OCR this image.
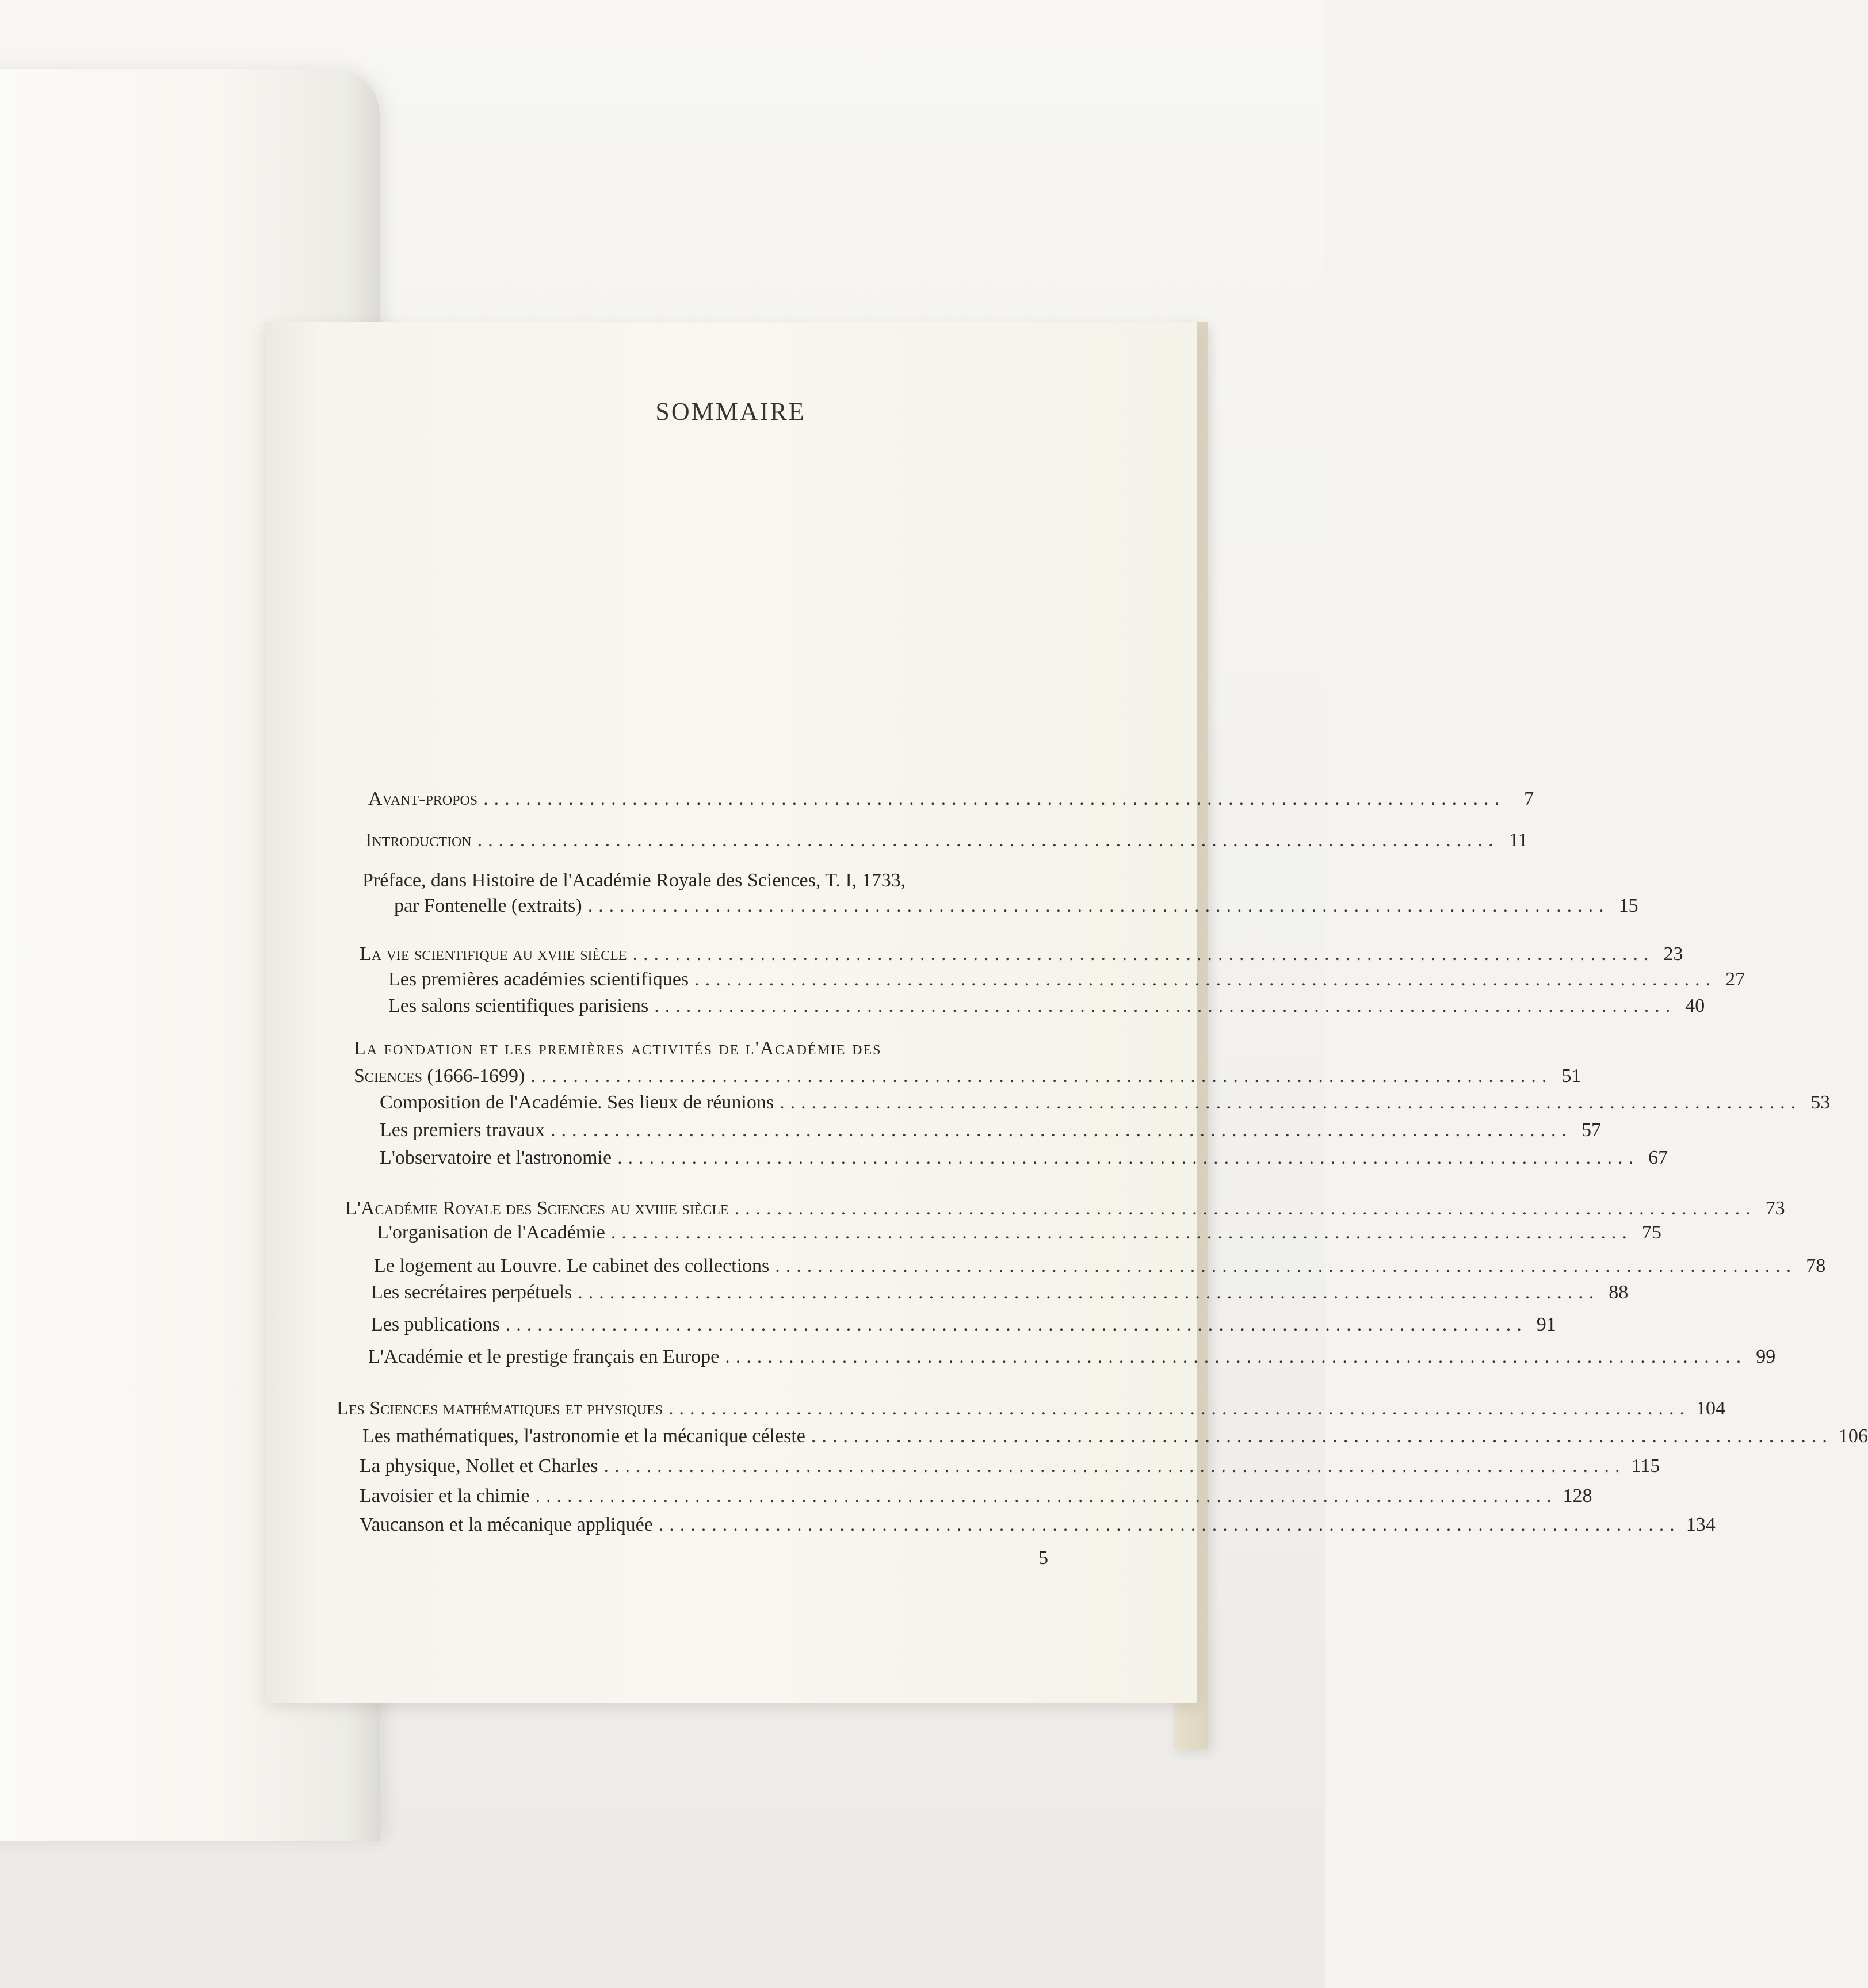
SOMMAIRE
Avant-propos ................................................................................................ 7
Introduction ................................................................................................ 11
Préface, dans Histoire de l'Académie Royale des Sciences, T. I, 1733,
par Fontenelle (extraits) ................................................................................................ 15
La vie scientifique au xviie siècle ................................................................................................ 23
Les premières académies scientifiques ................................................................................................ 27
Les salons scientifiques parisiens ................................................................................................ 40
La fondation et les premières activités de l'Académie des
Sciences (1666-1699) ................................................................................................ 51
Composition de l'Académie. Ses lieux de réunions ................................................................................................ 53
Les premiers travaux ................................................................................................ 57
L'observatoire et l'astronomie ................................................................................................ 67
L'Académie Royale des Sciences au xviiie siècle ................................................................................................ 73
L'organisation de l'Académie ................................................................................................ 75
Le logement au Louvre. Le cabinet des collections ................................................................................................ 78
Les secrétaires perpétuels ................................................................................................ 88
Les publications ................................................................................................ 91
L'Académie et le prestige français en Europe ................................................................................................ 99
Les Sciences mathématiques et physiques ................................................................................................ 104
Les mathématiques, l'astronomie et la mécanique céleste ................................................................................................ 106
La physique, Nollet et Charles ................................................................................................ 115
Lavoisier et la chimie ................................................................................................ 128
Vaucanson et la mécanique appliquée ................................................................................................ 134
5
